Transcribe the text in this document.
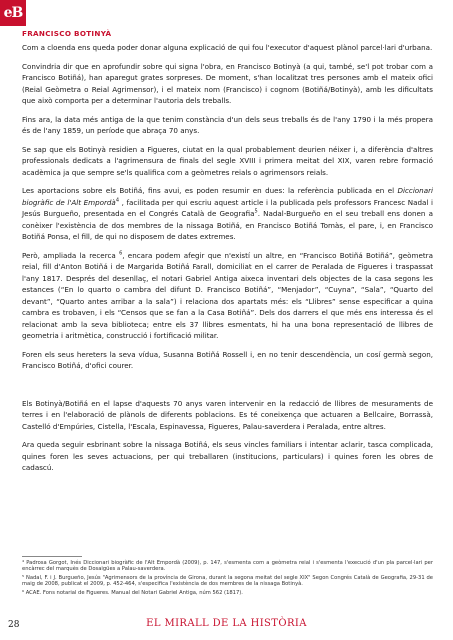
eB
FRANCISCO BOTINYÀ

Com a cloenda ens queda poder donar alguna explicació de qui fou l'executor d'aquest plànol parcel·lari d'urbana.

Convindria dir que en aprofundir sobre qui signa l'obra, en Francisco Botinyà (a qui, també, se'l pot trobar com a Francisco Botiñá), han aparegut grates sorpreses. De moment, s'han localitzat tres persones amb el mateix ofici (Reial Geòmetra o Reial Agrimensor), i el mateix nom (Francisco) i cognom (Botiñá/Botinyà), amb les dificultats que això comporta per a determinar l'autoria dels treballs.

Fins ara, la data més antiga de la que tenim constància d'un dels seus treballs és de l'any 1790 i la més propera és de l'any 1859, un període que abraça 70 anys.

Se sap que els Botinyà residien a Figueres, ciutat en la qual probablement deurien néixer i, a diferència d'altres professionals dedicats a l'agrimensura de finals del segle XVIII i primera meitat del XIX, varen rebre formació acadèmica ja que sempre se'ls qualifica com a geòmetres reials o agrimensors reials.

Les aportacions sobre els Botiñá, fins avui, es poden resumir en dues: la referència publicada en el Diccionari biogràfic de l'Alt Empordà$^4$ , facilitada per qui escriu aquest article i la publicada pels professors Francesc Nadal i Jesús Burgueño, presentada en el Congrés Català de Geografia$^5$. Nadal-Burgueño en el seu treball ens donen a conèixer l'existència de dos membres de la nissaga Botiñá, en Francisco Botiñá Tomàs, el pare, i, en Francisco Botiñá Ponsa, el fill, de qui no disposem de dates extremes.

Però, ampliada la recerca $^6$, encara podem afegir que n'existí un altre, en “Francisco Botiñá Botiñá”, geòmetra reial, fill d'Anton Botiñá i de Margarida Botiñá Farall, domiciliat en el carrer de Peralada de Figueres i traspassat l'any 1817. Després del desenllaç, el notari Gabriel Antiga aixeca inventari dels objectes de la casa segons les estances (“En lo quarto o cambra del difunt D. Francisco Botiñá”, “Menjador”, “Cuyna”, “Sala”, “Quarto del devant”, “Quarto antes arribar a la sala”) i relaciona dos apartats més: els “Llibres” sense especificar a quina cambra es trobaven, i els “Censos que se fan a la Casa Botiñá”. Dels dos darrers el que més ens interessa és el relacionat amb la seva biblioteca; entre els 37 llibres esmentats, hi ha una bona representació de llibres de geometria i aritmètica, construcció i fortificació militar.

Foren els seus hereters la seva vídua, Susanna Botiñá Rossell i, en no tenir descendència, un cosí germà segon, Francisco Botiñá, d'ofici courer.

Els Botinyà/Botiñá en el lapse d'aquests 70 anys varen intervenir en la redacció de llibres de mesuraments de terres i en l'elaboració de plànols de diferents poblacions. Es té coneixença que actuaren a Bellcaire, Borrassà, Castelló d'Empúries, Cistella, l'Escala, Espinavessa, Figueres, Palau-saverdera i Peralada, entre altres.

Ara queda seguir esbrinant sobre la nissaga Botiñá, els seus vincles familiars i intentar aclarir, tasca complicada, quines foren les seves actuacions, per qui treballaren (institucions, particulars) i quines foren les obres de cadascú.

⁴ Padrosa Gorgot, Inés Diccionari biogràfic de l'Alt Empordà (2009), p. 147, s'esmenta com a geòmetra reial i s'esmenta l'execució d'un pla parcel·lari per encàrrec del marquès de Dosaigües a Palau-saverdera.

⁵ Nadal, F. i J. Burgueño, Jesús "Agrimensors de la província de Girona, durant la segona meitat del segle XIX" Segon Congrés Català de Geografia, 29-31 de maig de 2008, publicat el 2009, p. 452-464, s'especifica l'existència de dos membres de la nissaga Botinyà.

⁶ ACAE. Fons notarial de Figueres. Manual del Notari Gabriel Antiga, núm 562 (1817).

28	EL MIRALL DE LA HISTÒRIA
